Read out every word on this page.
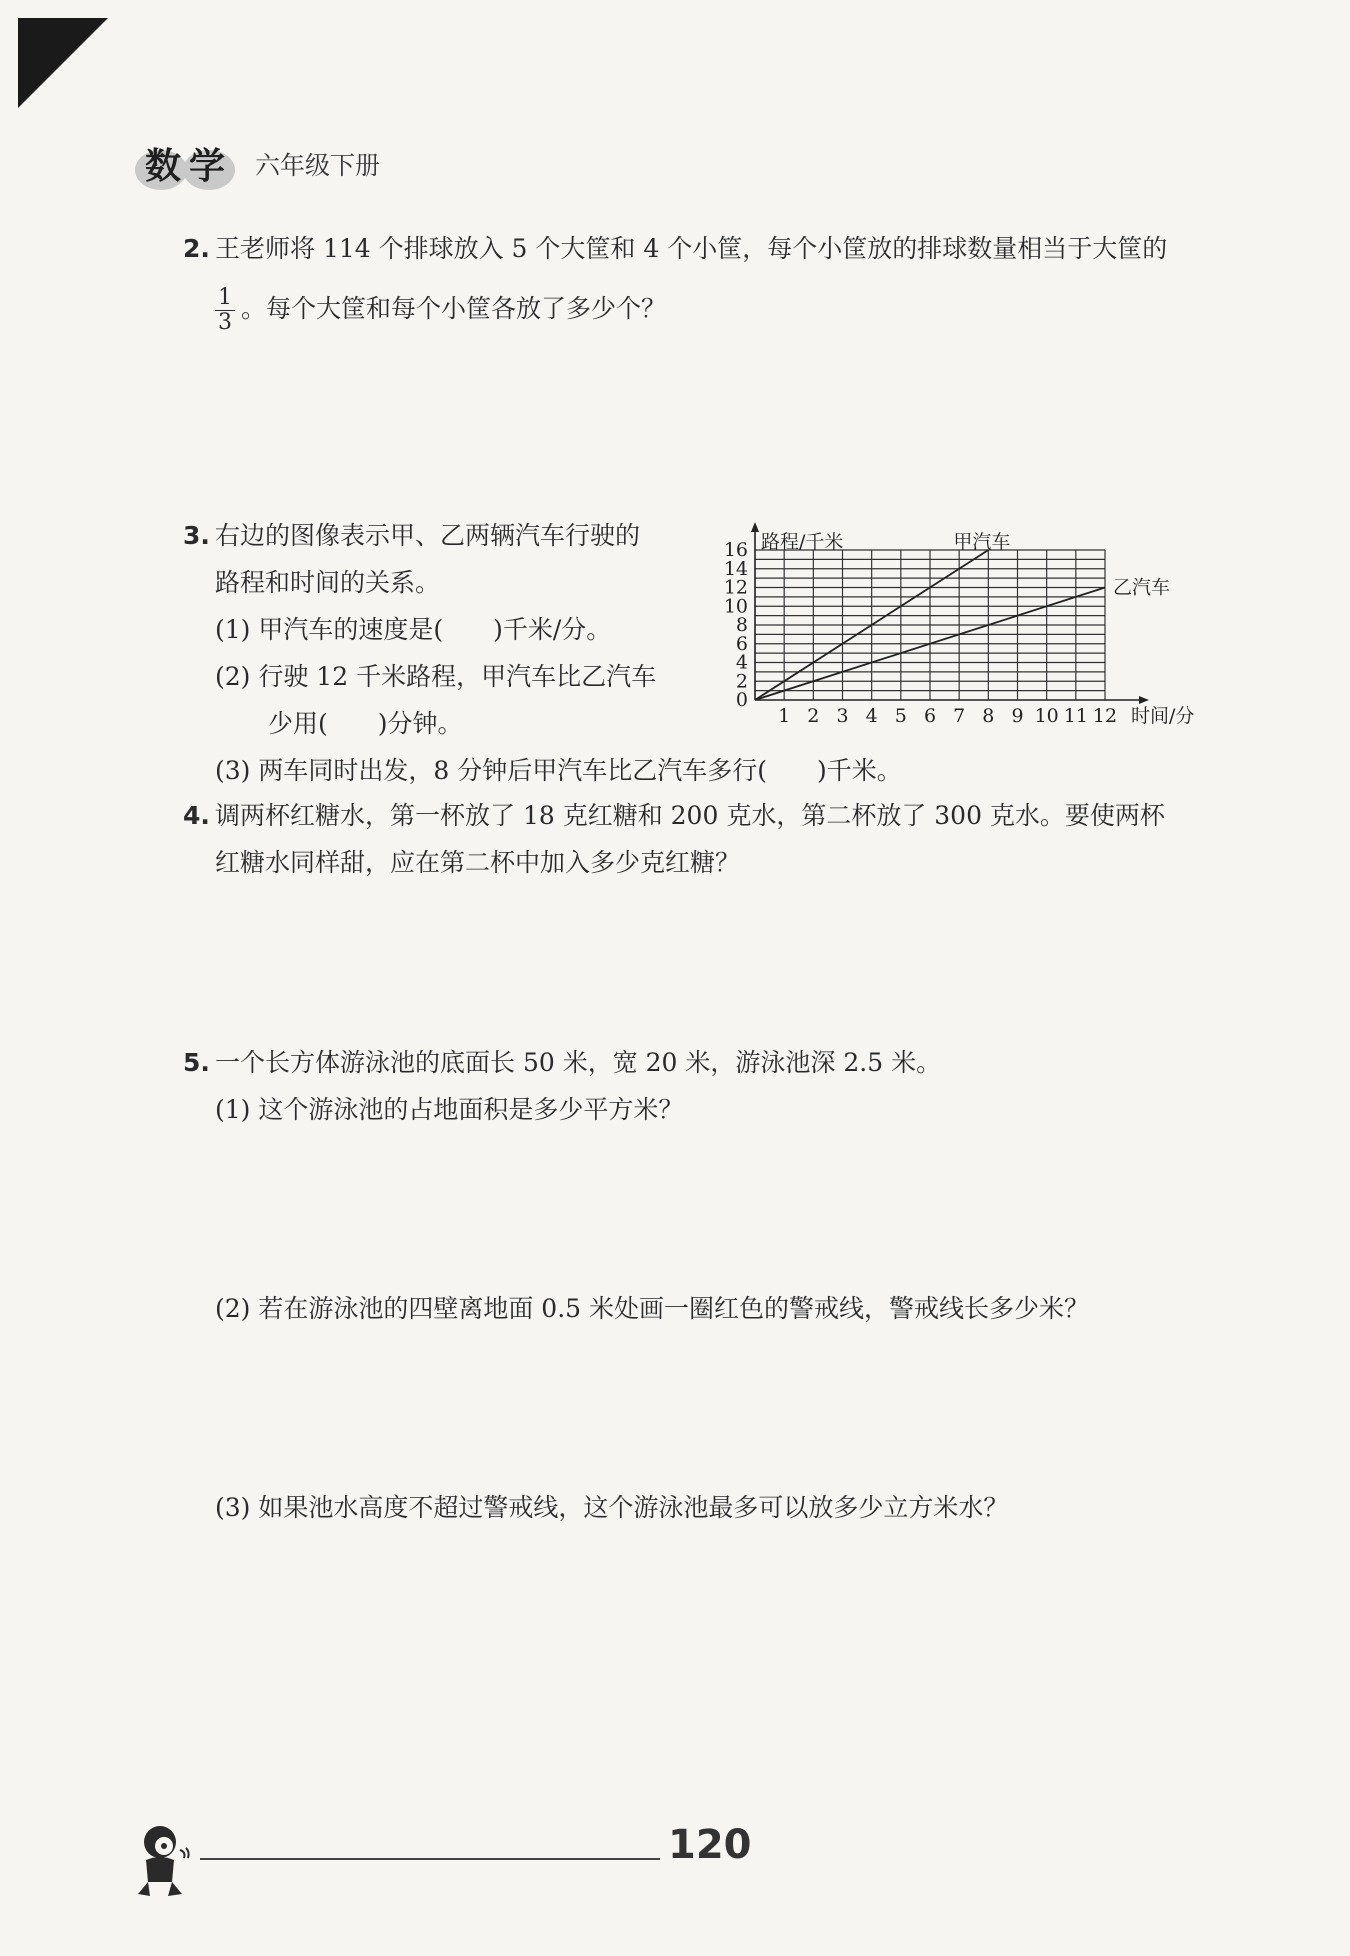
数学 六年级下册
2. 王老师将 114 个排球放入 5 个大筐和 4 个小筐，每个小筐放的排球数量相当于大筐的
$\frac{1}{3}$ 。每个大筐和每个小筐各放了多少个？
3. 右边的图像表示甲、乙两辆汽车行驶的
路程和时间的关系。
(1) 甲汽车的速度是(　　)千米/分。
(2) 行驶 12 千米路程，甲汽车比乙汽车
少用(　　)分钟。
(3) 两车同时出发，8 分钟后甲汽车比乙汽车多行(　　)千米。
1 2 3 4 5 6 7 8 9 10 11 12
0
2
4
6
8
10
12
14
16 路程/千米
时间/分
甲汽车
乙汽车
4. 调两杯红糖水，第一杯放了 18 克红糖和 200 克水，第二杯放了 300 克水。要使两杯
红糖水同样甜，应在第二杯中加入多少克红糖？
5. 一个长方体游泳池的底面长 50 米，宽 20 米，游泳池深 2.5 米。
(1) 这个游泳池的占地面积是多少平方米？
(2) 若在游泳池的四壁离地面 0.5 米处画一圈红色的警戒线，警戒线长多少米？
(3) 如果池水高度不超过警戒线，这个游泳池最多可以放多少立方米水？
120
